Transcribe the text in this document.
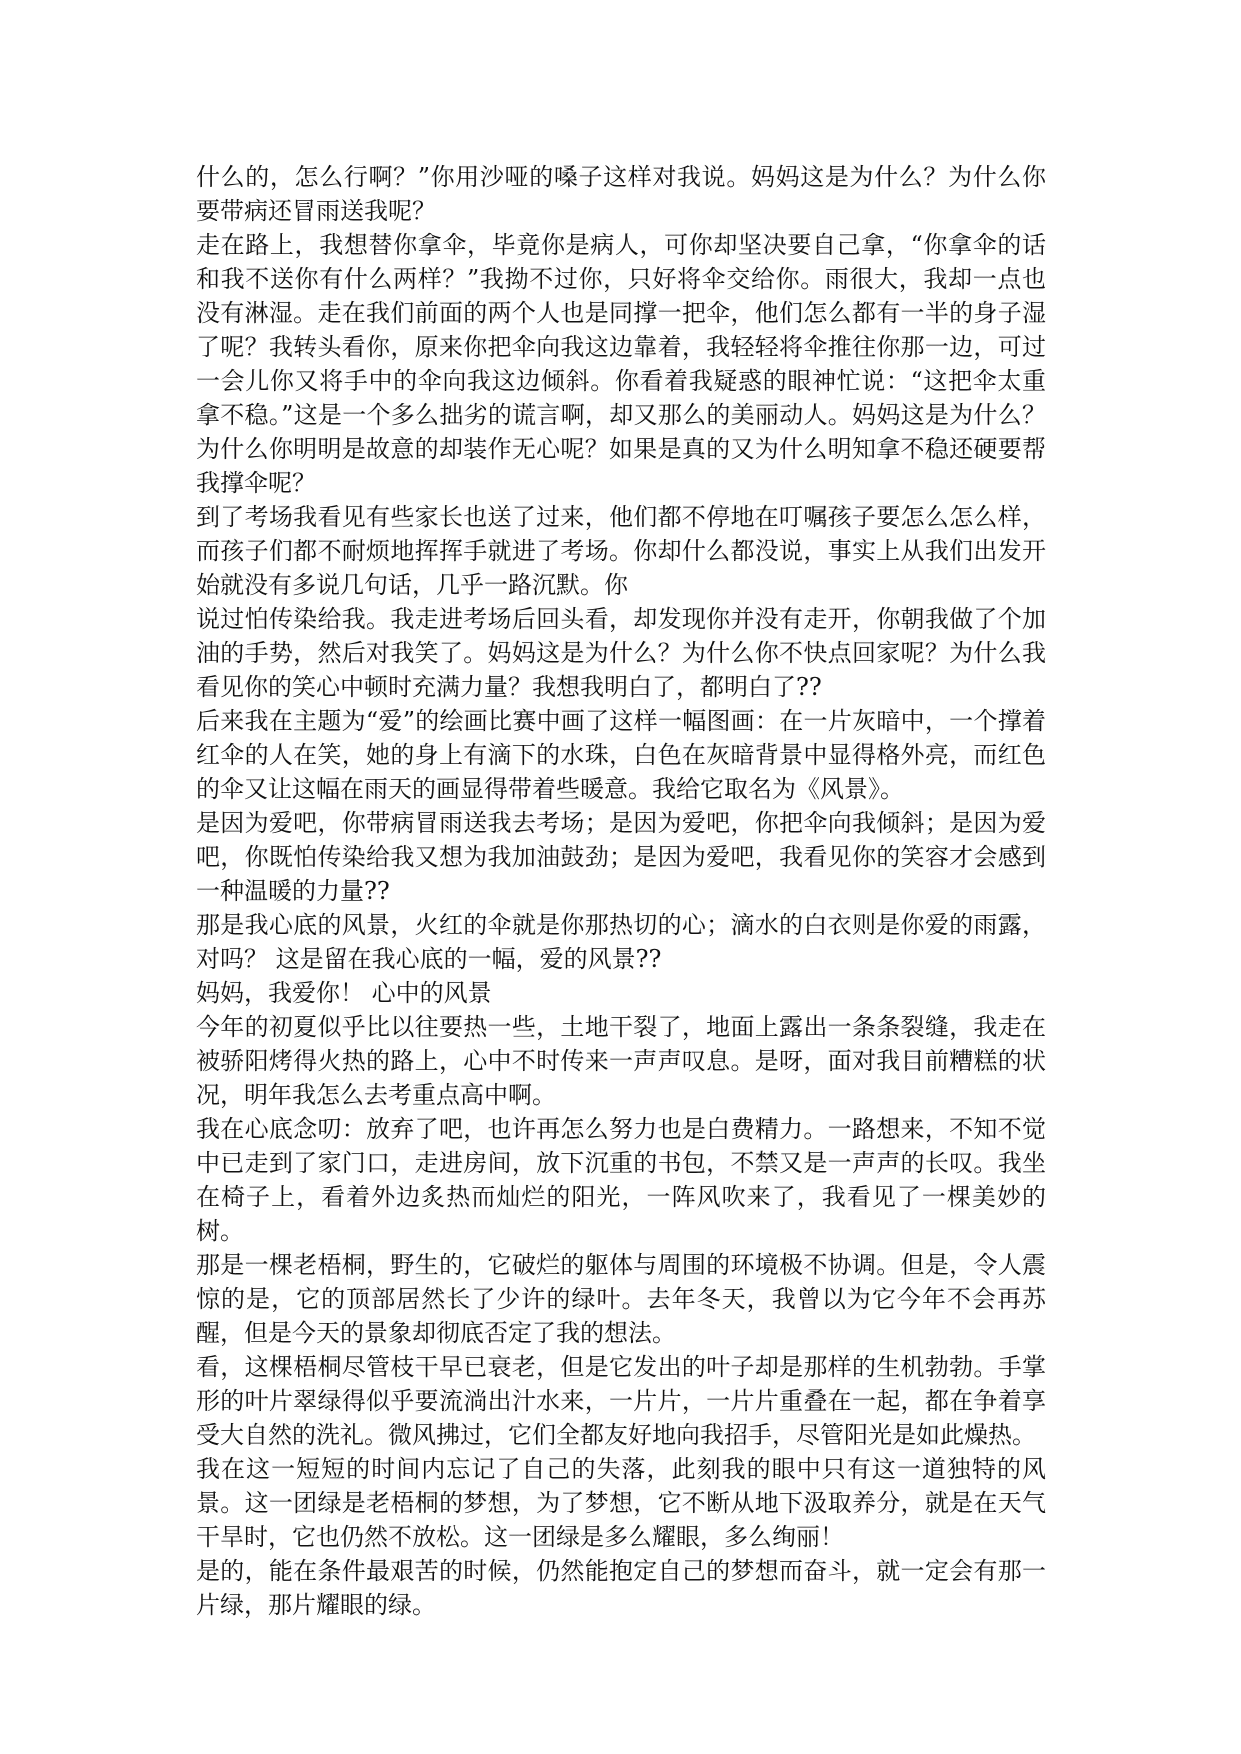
什么的，怎么行啊？”你用沙哑的嗓子这样对我说。妈妈这是为什么？为什么你要带病还冒雨送我呢？

走在路上，我想替你拿伞，毕竟你是病人，可你却坚决要自己拿，“你拿伞的话和我不送你有什么两样？”我拗不过你，只好将伞交给你。雨很大，我却一点也没有淋湿。走在我们前面的两个人也是同撑一把伞，他们怎么都有一半的身子湿了呢？我转头看你，原来你把伞向我这边靠着，我轻轻将伞推往你那一边，可过一会儿你又将手中的伞向我这边倾斜。你看着我疑惑的眼神忙说：“这把伞太重拿不稳。”这是一个多么拙劣的谎言啊，却又那么的美丽动人。妈妈这是为什么？为什么你明明是故意的却装作无心呢？如果是真的又为什么明知拿不稳还硬要帮我撑伞呢？

到了考场我看见有些家长也送了过来，他们都不停地在叮嘱孩子要怎么怎么样，而孩子们都不耐烦地挥挥手就进了考场。你却什么都没说，事实上从我们出发开始就没有多说几句话，几乎一路沉默。你

说过怕传染给我。我走进考场后回头看，却发现你并没有走开，你朝我做了个加油的手势，然后对我笑了。妈妈这是为什么？为什么你不快点回家呢？为什么我看见你的笑心中顿时充满力量？我想我明白了，都明白了??

后来我在主题为“爱”的绘画比赛中画了这样一幅图画：在一片灰暗中，一个撑着红伞的人在笑，她的身上有滴下的水珠，白色在灰暗背景中显得格外亮，而红色的伞又让这幅在雨天的画显得带着些暖意。我给它取名为《风景》。

是因为爱吧，你带病冒雨送我去考场；是因为爱吧，你把伞向我倾斜；是因为爱吧，你既怕传染给我又想为我加油鼓劲；是因为爱吧，我看见你的笑容才会感到一种温暖的力量??

那是我心底的风景，火红的伞就是你那热切的心；滴水的白衣则是你爱的雨露，对吗？ 这是留在我心底的一幅，爱的风景??

妈妈，我爱你！ 心中的风景

今年的初夏似乎比以往要热一些，土地干裂了，地面上露出一条条裂缝，我走在被骄阳烤得火热的路上，心中不时传来一声声叹息。是呀，面对我目前糟糕的状况，明年我怎么去考重点高中啊。

我在心底念叨：放弃了吧，也许再怎么努力也是白费精力。一路想来，不知不觉中已走到了家门口，走进房间，放下沉重的书包，不禁又是一声声的长叹。我坐在椅子上，看着外边炙热而灿烂的阳光，一阵风吹来了，我看见了一棵美妙的树。

那是一棵老梧桐，野生的，它破烂的躯体与周围的环境极不协调。但是，令人震惊的是，它的顶部居然长了少许的绿叶。去年冬天，我曾以为它今年不会再苏醒，但是今天的景象却彻底否定了我的想法。

看，这棵梧桐尽管枝干早已衰老，但是它发出的叶子却是那样的生机勃勃。手掌形的叶片翠绿得似乎要流淌出汁水来，一片片，一片片重叠在一起，都在争着享受大自然的洗礼。微风拂过，它们全都友好地向我招手，尽管阳光是如此燥热。

我在这一短短的时间内忘记了自己的失落，此刻我的眼中只有这一道独特的风景。这一团绿是老梧桐的梦想，为了梦想，它不断从地下汲取养分，就是在天气干旱时，它也仍然不放松。这一团绿是多么耀眼，多么绚丽！

是的，能在条件最艰苦的时候，仍然能抱定自己的梦想而奋斗，就一定会有那一片绿，那片耀眼的绿。
